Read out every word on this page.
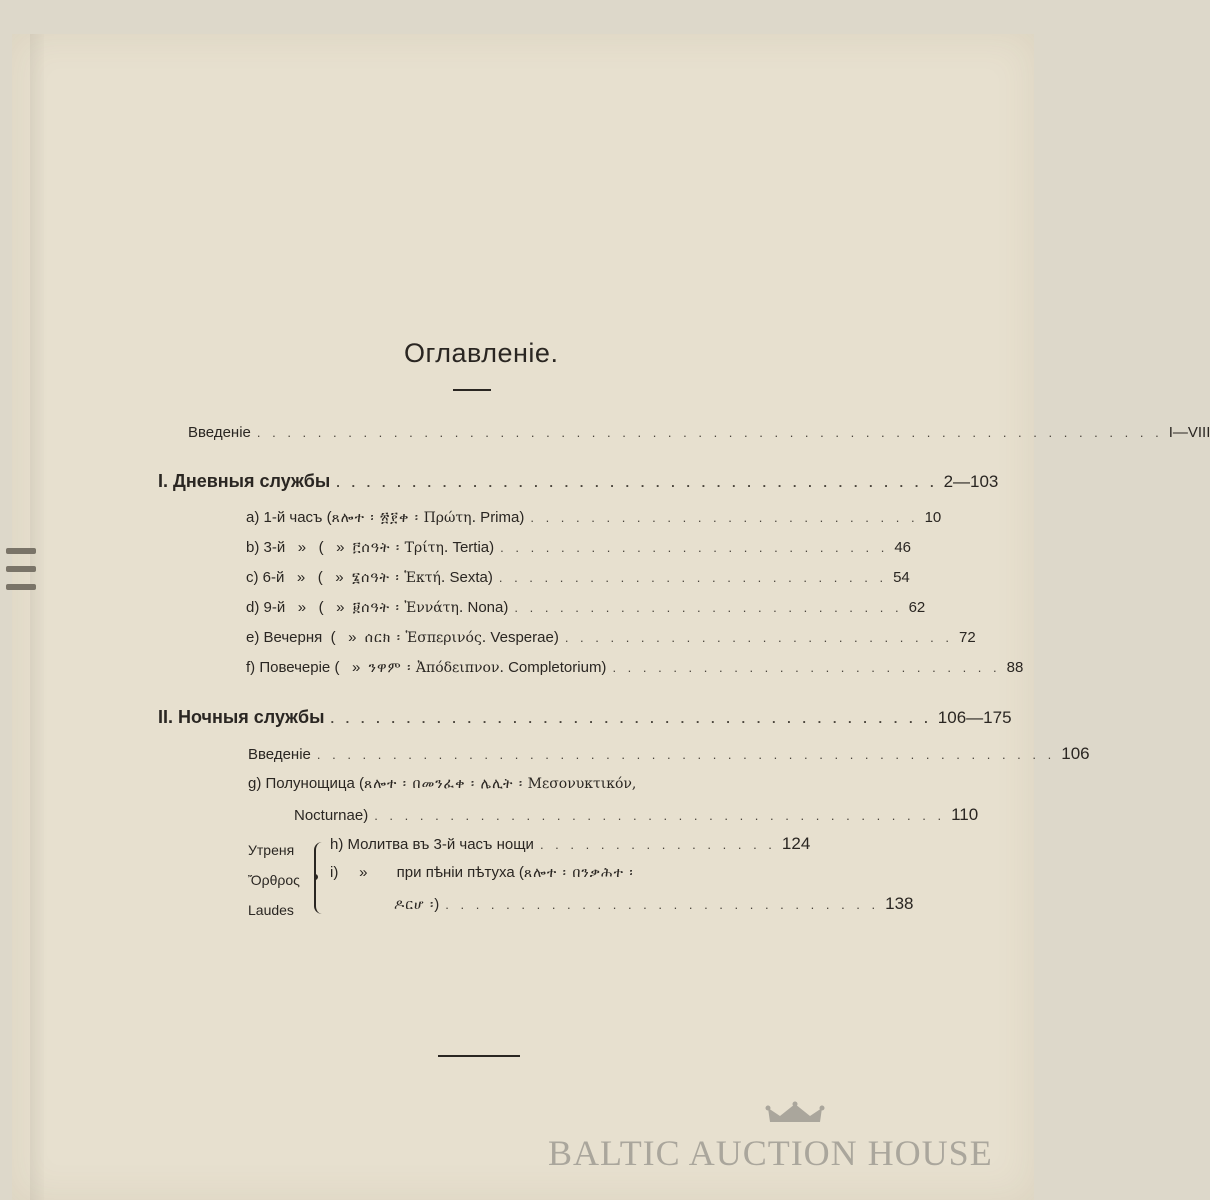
Оглавленіе.
Введеніе . . . . . . . . . . . . . . . . . . . . . . . . . . . . . . . . . . . . . . . . . . . . . . . . . . . . . . . . . . . . I—VIII
I. Дневныя службы . . . . . . . . . . . . . . . . . . . . . . . . . . . . . . . . . . . . . . . . 2—103
a) 1-й часъ (ጸሎተ ፡ ፳፻ቀ ፡ Πρώτη. Prima) . . . . . . . . . . . . . . . . . . . . . . . . . . 10
b) 3-й   »   (   »  ፫ሰዓት ፡ Τρίτη. Tertia) . . . . . . . . . . . . . . . . . . . . . . . . . . 46
c) 6-й   »   (   »  ፮ሰዓት ፡ Ἑκτή. Sexta) . . . . . . . . . . . . . . . . . . . . . . . . . . 54
d) 9-й   »   (   »  ፱ሰዓት ፡ Ἐννάτη. Nona) . . . . . . . . . . . . . . . . . . . . . . . . . . 62
e) Вечерня  (   »  ሰርክ ፡ Ἑσπερινός. Vesperae) . . . . . . . . . . . . . . . . . . . . . . . . . . 72
f) Повечеріе (   »  ንዋም ፡ Ἀπόδειπνον. Completorium) . . . . . . . . . . . . . . . . . . . . . . . . . . 88
II. Ночныя службы . . . . . . . . . . . . . . . . . . . . . . . . . . . . . . . . . . . . . . . . 106—175
Введеніе . . . . . . . . . . . . . . . . . . . . . . . . . . . . . . . . . . . . . . . . . . . . . . . . . 106
g) Полунощица (ጸሎተ ፡ በመንፈቀ ፡ ሌሊት ፡ Μεσονυκτικόν,
Nocturnae) . . . . . . . . . . . . . . . . . . . . . . . . . . . . . . . . . . . . . . 110
Утреня
Ὄρθρος
Laudes
h) Молитва въ 3-й часъ нощи . . . . . . . . . . . . . . . . 124
i)     »       при пѣніи пѣтуха (ጸሎተ ፡ በንቃሕተ ፡
ዶርሆ ፡) . . . . . . . . . . . . . . . . . . . . . . . . . . . . . 138
BALTIC AUCTION HOUSE
